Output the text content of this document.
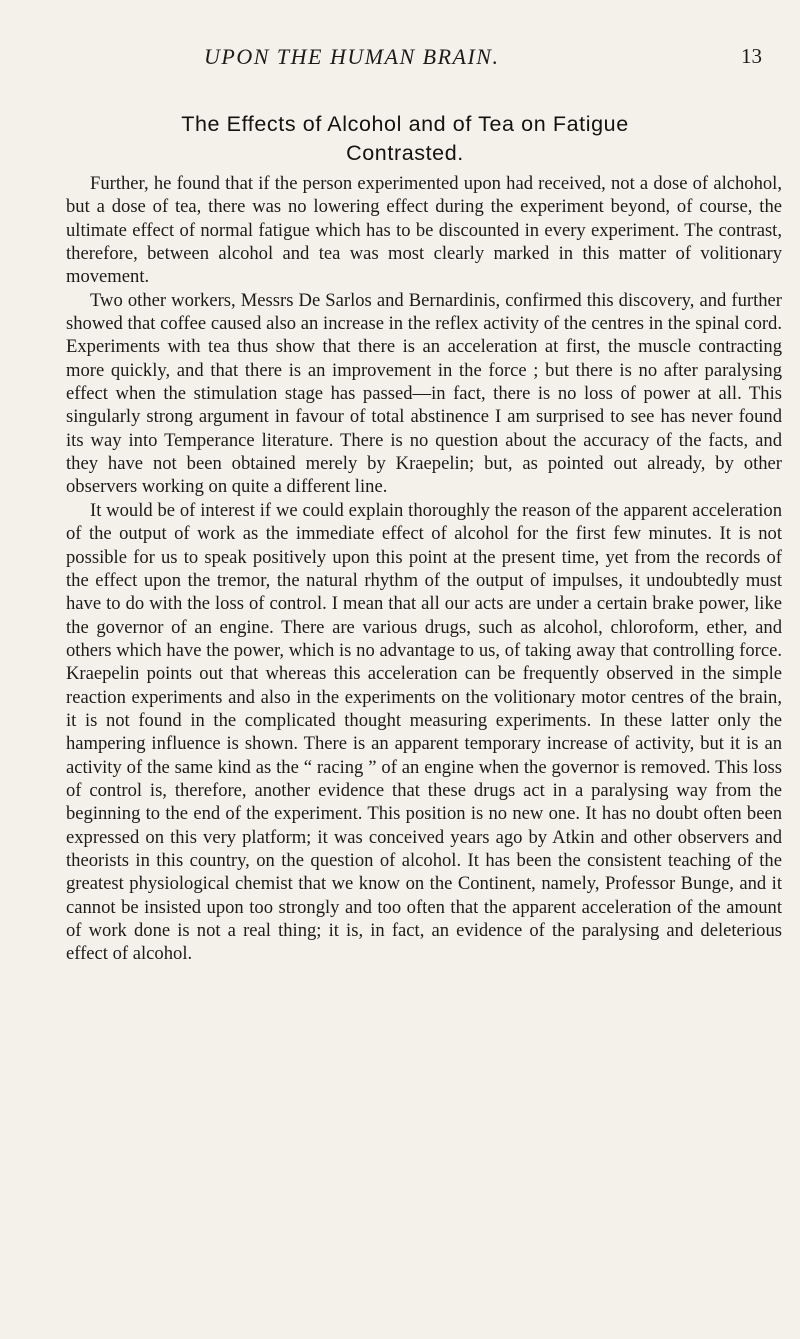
UPON THE HUMAN BRAIN.	13
The Effects of Alcohol and of Tea on Fatigue
Contrasted.

Further, he found that if the person experimented upon had received, not a dose of alchohol, but a dose of tea, there was no lowering effect during the experiment beyond, of course, the ultimate effect of normal fatigue which has to be discounted in every experiment. The contrast, therefore, between alcohol and tea was most clearly marked in this matter of volitionary movement.

Two other workers, Messrs De Sarlos and Bernardinis, confirmed this discovery, and further showed that coffee caused also an increase in the reflex activity of the centres in the spinal cord. Experiments with tea thus show that there is an acceleration at first, the muscle contracting more quickly, and that there is an improvement in the force ; but there is no after paralysing effect when the stimulation stage has passed—in fact, there is no loss of power at all. This singularly strong argument in favour of total abstinence I am surprised to see has never found its way into Temperance literature. There is no question about the accuracy of the facts, and they have not been obtained merely by Kraepelin; but, as pointed out already, by other observers working on quite a different line.

It would be of interest if we could explain thoroughly the reason of the apparent acceleration of the output of work as the immediate effect of alcohol for the first few minutes. It is not possible for us to speak positively upon this point at the present time, yet from the records of the effect upon the tremor, the natural rhythm of the output of impulses, it undoubtedly must have to do with the loss of control. I mean that all our acts are under a certain brake power, like the governor of an engine. There are various drugs, such as alcohol, chloroform, ether, and others which have the power, which is no advantage to us, of taking away that controlling force. Kraepelin points out that whereas this acceleration can be frequently observed in the simple reaction experiments and also in the experiments on the volitionary motor centres of the brain, it is not found in the complicated thought measuring experiments. In these latter only the hampering influence is shown. There is an apparent temporary increase of activity, but it is an activity of the same kind as the “ racing ” of an engine when the governor is removed. This loss of control is, therefore, another evidence that these drugs act in a paralysing way from the beginning to the end of the experiment. This position is no new one. It has no doubt often been expressed on this very platform; it was conceived years ago by Atkin and other observers and theorists in this country, on the question of alcohol. It has been the consistent teaching of the greatest physiological chemist that we know on the Continent, namely, Professor Bunge, and it cannot be insisted upon too strongly and too often that the apparent acceleration of the amount of work done is not a real thing; it is, in fact, an evidence of the paralysing and deleterious effect of alcohol.
